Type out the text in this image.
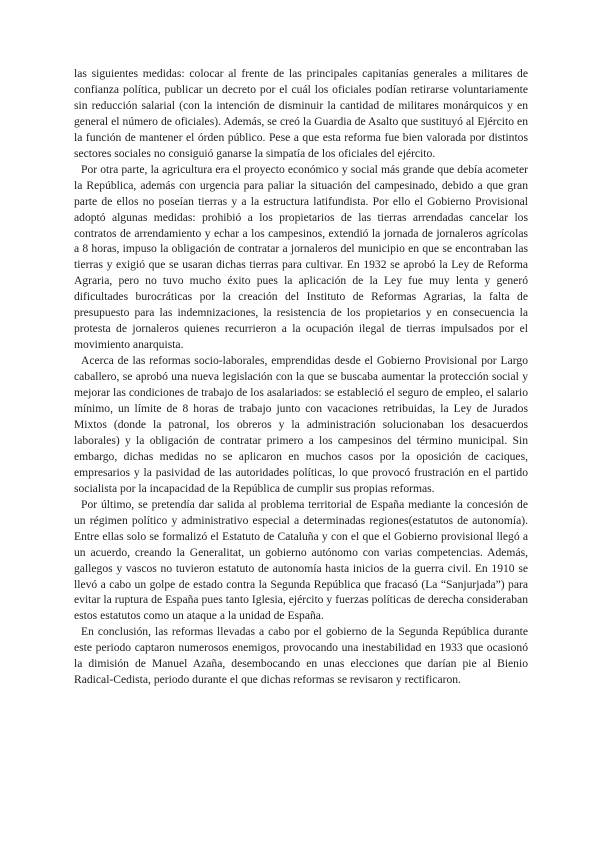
las siguientes medidas: colocar al frente de las principales capitanías generales a militares de confianza política, publicar un decreto por el cuál los oficiales podían retirarse voluntariamente sin reducción salarial (con la intención de disminuir la cantidad de militares monárquicos y en general el número de oficiales). Además, se creó la Guardia de Asalto que sustituyó al Ejército en la función de mantener el órden público. Pese a que esta reforma fue bien valorada por distintos sectores sociales no consiguió ganarse la simpatía de los oficiales del ejército.

Por otra parte, la agricultura era el proyecto económico y social más grande que debía acometer la República, además con urgencia para paliar la situación del campesinado, debido a que gran parte de ellos no poseían tierras y a la estructura latifundista. Por ello el Gobierno Provisional adoptó algunas medidas: prohibió a los propietarios de las tierras arrendadas cancelar los contratos de arrendamiento y echar a los campesinos, extendió la jornada de jornaleros agrícolas a 8 horas, impuso la obligación de contratar a jornaleros del municipio en que se encontraban las tierras y exigió que se usaran dichas tierras para cultivar. En 1932 se aprobó la Ley de Reforma Agraria, pero no tuvo mucho éxito pues la aplicación de la Ley fue muy lenta y generó dificultades burocráticas por la creación del Instituto de Reformas Agrarias, la falta de presupuesto para las indemnizaciones, la resistencia de los propietarios y en consecuencia la protesta de jornaleros quienes recurrieron a la ocupación ilegal de tierras impulsados por el movimiento anarquista.

Acerca de las reformas socio-laborales, emprendidas desde el Gobierno Provisional por Largo caballero, se aprobó una nueva legislación con la que se buscaba aumentar la protección social y mejorar las condiciones de trabajo de los asalariados: se estableció el seguro de empleo, el salario mínimo, un límite de 8 horas de trabajo junto con vacaciones retribuidas, la Ley de Jurados Mixtos (donde la patronal, los obreros y la administración solucionaban los desacuerdos laborales) y la obligación de contratar primero a los campesinos del término municipal. Sin embargo, dichas medidas no se aplicaron en muchos casos por la oposición de caciques, empresarios y la pasividad de las autoridades políticas, lo que provocó frustración en el partido socialista por la incapacidad de la República de cumplir sus propias reformas.

Por último, se pretendía dar salida al problema territorial de España mediante la concesión de un régimen político y administrativo especial a determinadas regiones(estatutos de autonomía). Entre ellas solo se formalizó el Estatuto de Cataluña y con el que el Gobierno provisional llegó a un acuerdo, creando la Generalitat, un gobierno autónomo con varias competencias. Además, gallegos y vascos no tuvieron estatuto de autonomía hasta inicios de la guerra civil. En 1910 se llevó a cabo un golpe de estado contra la Segunda República que fracasó (La “Sanjurjada”) para evitar la ruptura de España pues tanto Iglesia, ejército y fuerzas políticas de derecha consideraban estos estatutos como un ataque a la unidad de España.

En conclusión, las reformas llevadas a cabo por el gobierno de la Segunda República durante este periodo captaron numerosos enemigos, provocando una inestabilidad en 1933 que ocasionó la dimisión de Manuel Azaña, desembocando en unas elecciones que darían pie al Bienio Radical-Cedista, periodo durante el que dichas reformas se revisaron y rectificaron.
